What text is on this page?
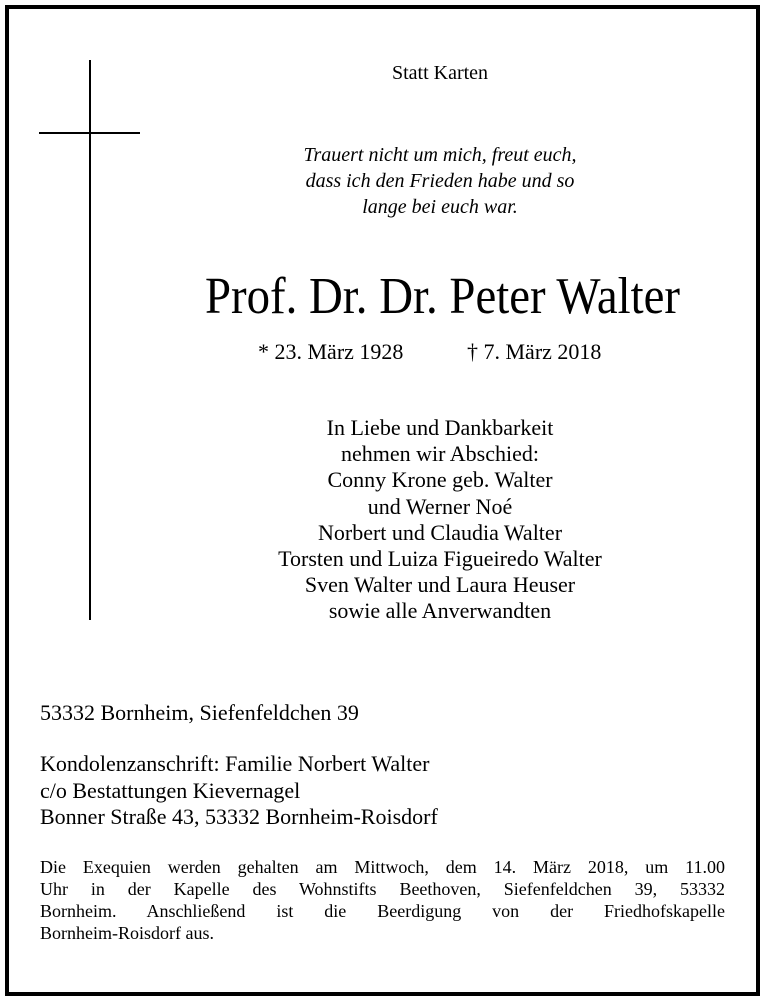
Statt Karten
Trauert nicht um mich, freut euch,
dass ich den Frieden habe und so
lange bei euch war.
Prof. Dr. Dr. Peter Walter
* 23. März 1928	† 7. März 2018
In Liebe und Dankbarkeit
nehmen wir Abschied:
Conny Krone geb. Walter
und Werner Noé
Norbert und Claudia Walter
Torsten und Luiza Figueiredo Walter
Sven Walter und Laura Heuser
sowie alle Anverwandten
53332 Bornheim, Siefenfeldchen 39
Kondolenzanschrift: Familie Norbert Walter
c/o Bestattungen Kievernagel
Bonner Straße 43, 53332 Bornheim-Roisdorf
Die Exequien werden gehalten am Mittwoch, dem 14. März 2018, um 11.00
Uhr in der Kapelle des Wohnstifts Beethoven, Siefenfeldchen 39, 53332
Bornheim. Anschließend ist die Beerdigung von der Friedhofskapelle
Bornheim-Roisdorf aus.
